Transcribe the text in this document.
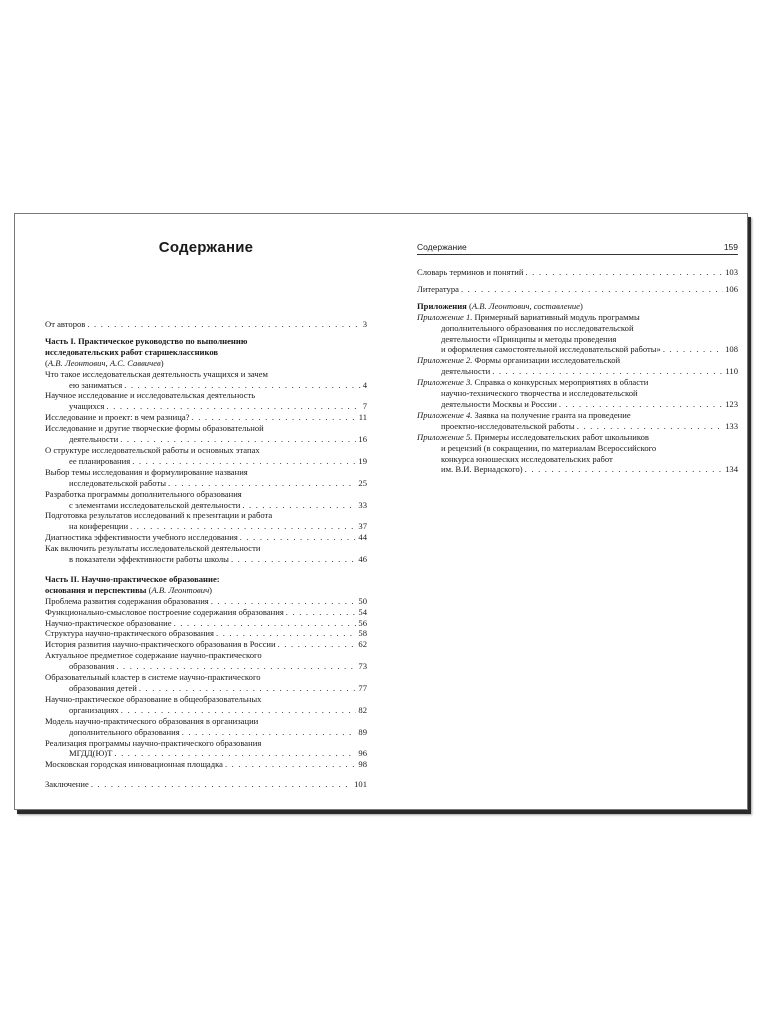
Содержание
От авторов . . .	3
Часть I. Практическое руководство по выполнению
исследовательских работ старшеклассников
(А.В. Леонтович, А.С. Саввичев)
Что такое исследовательская деятельность учащихся и зачем
ею заниматься . . .	4
Научное исследование и исследовательская деятельность
учащихся . . .	7
Исследование и проект: в чем разница? . . .	11
Исследование и другие творческие формы образовательной
деятельности . . .	16
О структуре исследовательской работы и основных этапах
ее планирования . . .	19
Выбор темы исследования и формулирование названия
исследовательской работы . . .	25
Разработка программы дополнительного образования
с элементами исследовательской деятельности . . .	33
Подготовка результатов исследований к презентации и работа
на конференции . . .	37
Диагностика эффективности учебного исследования . . .	44
Как включить результаты исследовательской деятельности
в показатели эффективности работы школы . . .	46
Часть II. Научно-практическое образование:
основания и перспективы (А.В. Леонтович)
Проблема развития содержания образования . . .	50
Функционально-смысловое построение содержания образования . . .	54
Научно-практическое образование . . .	56
Структура научно-практического образования . . .	58
История развития научно-практического образования в России . . .	62
Актуальное предметное содержание научно-практического
образования . . .	73
Образовательный кластер в системе научно-практического
образования детей . . .	77
Научно-практическое образование в общеобразовательных
организациях . . .	82
Модель научно-практического образования в организации
дополнительного образования . . .	89
Реализация программы научно-практического образования
МГДД(Ю)Т . . .	96
Московская городская инновационная площадка . . .	98
Заключение . . .	101
Содержание	159
Словарь терминов и понятий . . .	103
Литература . . .	106
Приложения (А.В. Леонтович, составление)
Приложение 1. Примерный вариативный модуль программы
дополнительного образования по исследовательской
деятельности «Принципы и методы проведения
и оформления самостоятельной исследовательской работы» . . .	108
Приложение 2. Формы организации исследовательской
деятельности . . .	110
Приложение 3. Справка о конкурсных мероприятиях в области
научно-технического творчества и исследовательской
деятельности Москвы и России . . .	123
Приложение 4. Заявка на получение гранта на проведение
проектно-исследовательской работы . . .	133
Приложение 5. Примеры исследовательских работ школьников
и рецензий (в сокращении, по материалам Всероссийского
конкурса юношеских исследовательских работ
им. В.И. Вернадского) . . .	134
